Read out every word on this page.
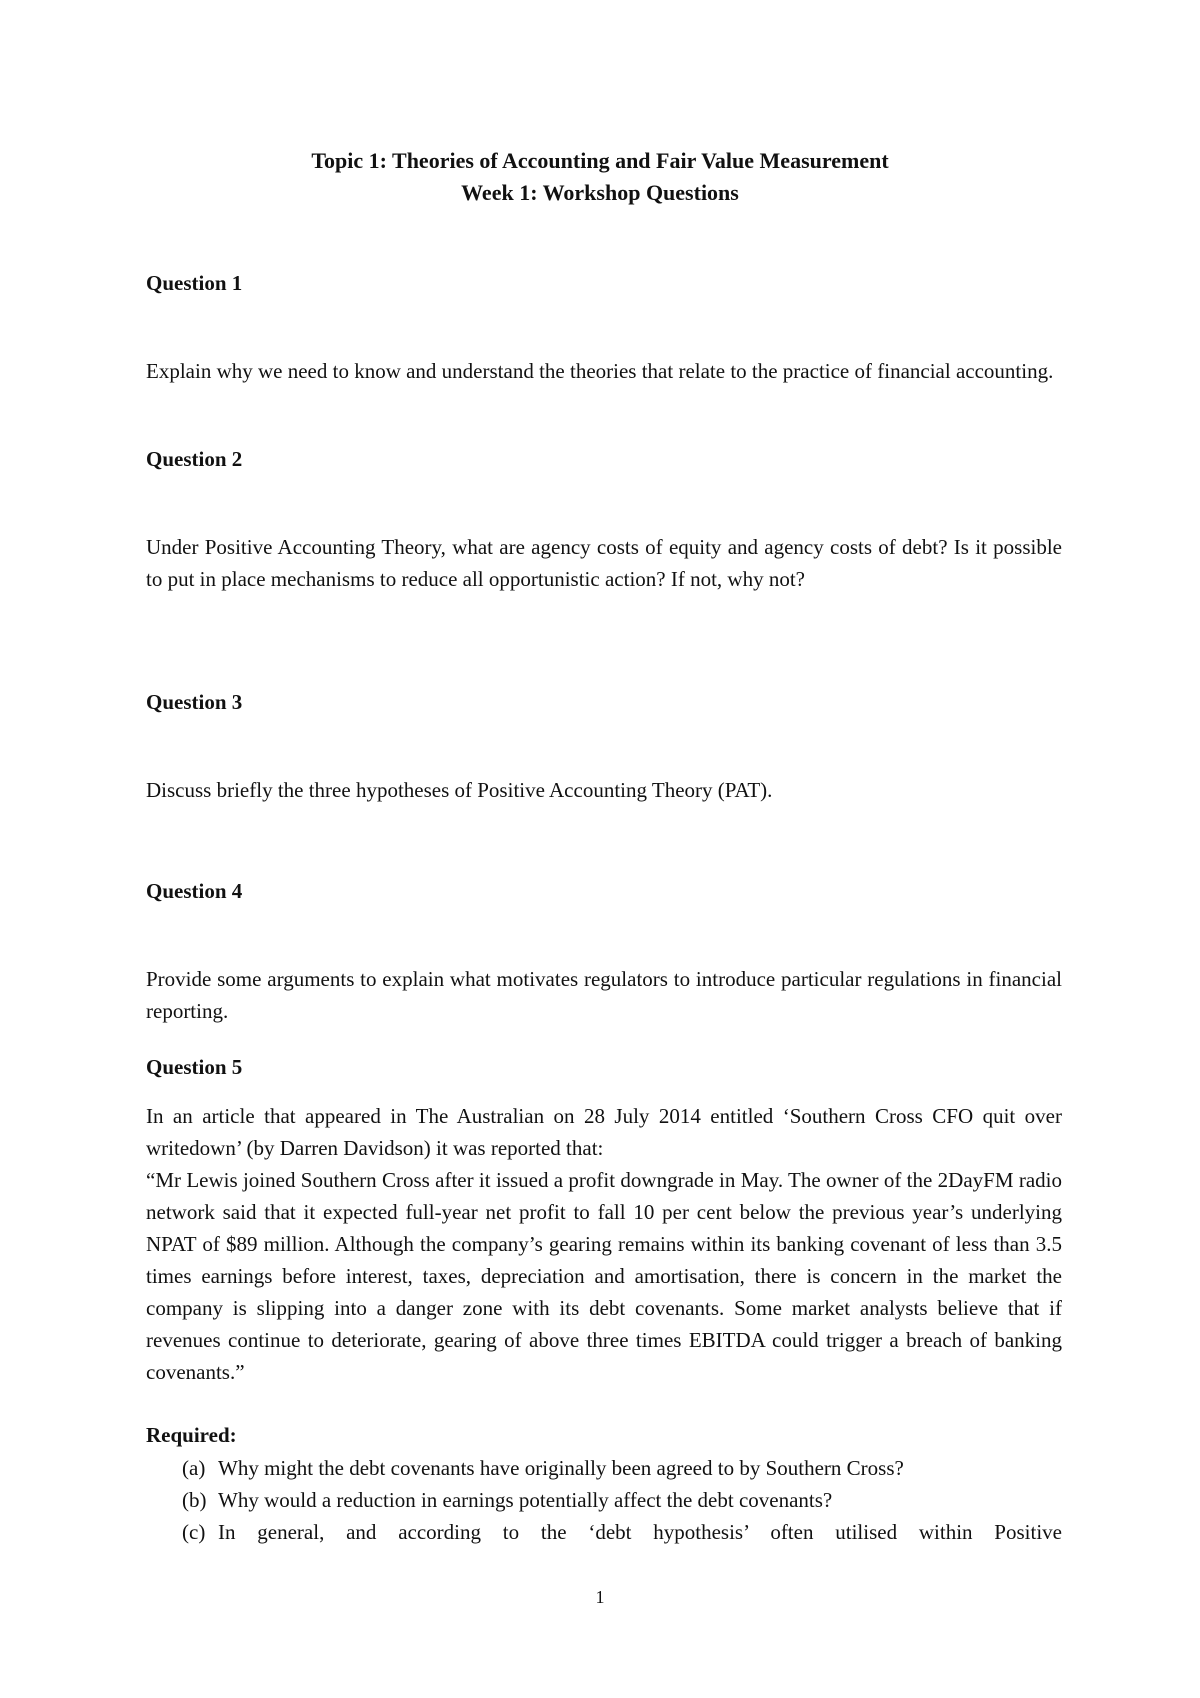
Topic 1: Theories of Accounting and Fair Value Measurement
Week 1: Workshop Questions
Question 1
Explain why we need to know and understand the theories that relate to the practice of financial accounting.
Question 2
Under Positive Accounting Theory, what are agency costs of equity and agency costs of debt? Is it possible to put in place mechanisms to reduce all opportunistic action? If not, why not?
Question 3
Discuss briefly the three hypotheses of Positive Accounting Theory (PAT).
Question 4
Provide some arguments to explain what motivates regulators to introduce particular regulations in financial reporting.
Question 5
In an article that appeared in The Australian on 28 July 2014 entitled ‘Southern Cross CFO quit over writedown’ (by Darren Davidson) it was reported that:
“Mr Lewis joined Southern Cross after it issued a profit downgrade in May. The owner of the 2DayFM radio network said that it expected full-year net profit to fall 10 per cent below the previous year’s underlying NPAT of $89 million. Although the company’s gearing remains within its banking covenant of less than 3.5 times earnings before interest, taxes, depreciation and amortisation, there is concern in the market the company is slipping into a danger zone with its debt covenants. Some market analysts believe that if revenues continue to deteriorate, gearing of above three times EBITDA could trigger a breach of banking covenants.”
Required:
(a) Why might the debt covenants have originally been agreed to by Southern Cross?
(b) Why would a reduction in earnings potentially affect the debt covenants?
(c) In general, and according to the ‘debt hypothesis’ often utilised within Positive
1
